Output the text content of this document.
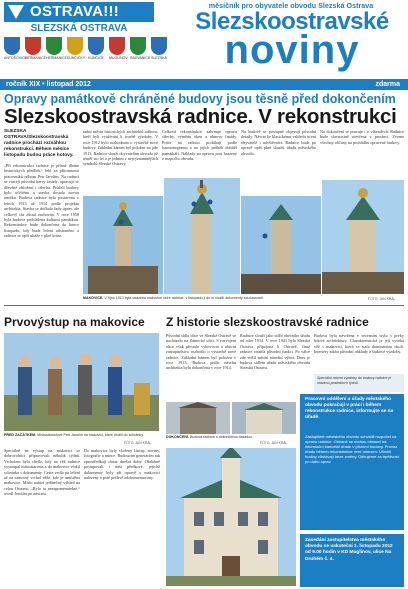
OSTRAVA!!!
SLEZSKÁ OSTRAVA
ANTOŠOVICE
HERMANICE HEŘMANICE KUNČIČKY KUNČICE MUGLINOV RADVANICE SLEZSKÁ
měsíčník pro obyvatele obvodu Slezská Ostrava
Slezskoostravské
noviny
ročník XIX • listopad 2012	zdarma
Opravy památkově chráněné budovy jsou těsně před dokončením
Slezskoostravská radnice. V rekonstrukci
SLEZSKÁ OSTRAVA/Slezskoostravská radnice prochází rozsáhlou rekonstrukcí. Během měsíce listopadu budou práce hotovy.
„Při rekonstrukci radnice je přísně dbáno historických předloh,“ řekl za přítomnosti pracovníků odboru Petr Jarolím. Na radnici se vracejí původní barvy fasády, opravuje se dřevěné obložení i střecha. Průčelí budovy bylo očištěno a stavba dostala novou omítku. Budova radnice byla postavena v letech 1913 až 1914 podle projektu architekta. Stavba se dočkala řady úprav, ale celkový ráz zůstal zachován. V roce 1958 byla budova prohlášena kulturní památkou. Rekonstrukce bude dokončena do konce listopadu, kdy bude lešení odstraněno a radnice se opět ukáže v plné kráse.
radní města historických architektů odboru, kteří byli využíváni k tvorbě výzdoby. V roce 1912 bylo rozhodnuto o výstavbě nové budovy. Základní kámen byl položen na jaře 1913. Radnice slouží obyvatelům obvodu již téměř sto let a je jedním z nejvýznamnějších symbolů Slezské Ostravy.
Celková rekonstrukce zahrnuje opravu střechy, výměnu oken a obnovu fasády. Práce na radnici probíhají podle harmonogramu a na jejich průběh dohlíží památkáři. Náklady na opravu jsou hrazeny z rozpočtu obvodu.
Na budově se postupně objevují původní detaily. Návrat ke klasickému vzhledu ocení obyvatelé i návštěvníci. Radnice bude po opravě opět plně sloužit úřadu městského obvodu.
Na dokončení se pracuje i o víkendech. Radnice bude slavnostně otevřena v prosinci. Zveme všechny občany na prohlídku opravené budovy.
MAKOVICE. V říjnu 1913 byla osazena makovice věže radnice, v listopadu ji do ní vložili dokumenty současnosti.	FOTO: JAN KRÁL
Prvovýstup na makovice
PŘED ZAČÁTKEM. Místostarostové Petr Jarolím na makovici, které vložili do schránky.
FOTO: JAN KRÁL
Speciálně na výstup na makovici se dobrovolníci připravovali několik týdnů. Vrcholem byla chvíle, kdy na věž radnice vystoupal místostarosta a do makovice vložil schránku s dokumenty. Cesta vedla po lešení až na samotný vrchol věže, kde je umístěna makovice. Místo nabízí jedinečný výhled na celou Ostravu. „Bylo to nezapomenutelné,“ uvedl Jarolím po návratu.
Do makovice byly vloženy listiny, noviny, fotografie a mince. Budoucím generacím tak zprostředkují obraz dnešní doby. Obdobně postupovali i naši předkové, jejichž dokumenty byly při opravě v makovici nalezeny a poté pečlivě zdokumentovány.
Z historie slezskoostravské radnice
Původní sídlo obce ve Slezské Ostravě se nacházelo na Zámecké ulici. S rozvojem obce však přestalo vyhovovat a obecní zastupitelstvo rozhodlo o výstavbě nové radnice. Základní kámen byl položen v roce 1913. Budova podle návrhu architekta byla dokončena v roce 1914.
Radnice slouží jako sídlo obecního úřadu od roku 1914. V roce 1941 byla Slezská Ostrava připojena k Ostravě, čímž radnice ztratila původní funkci. Po válce zde sídlil místní národní výbor. Dnes je budova sídlem úřadu městského obvodu Slezská Ostrava.
Budova byla navržena v secesním stylu s prvky lidové architektury. Charakteristická je její vysoká věž s makovicí, která se stala dominantou okolí. Interiéry zdobí původní obklady a štukové výzdoby.
Speciální návrat výzdoby do budovy radnice je otázkou posledních týdnů.
DOKONČENÍ. Budova radnice s dokončenou fasádou.
FOTO: JAN KRÁL
Pracovní oddělení a úřady městského obvodu pokračují v práci i během rekonstrukce radnice, informujte se na úřadě.
Zastupitelé městského obvodu schválili rozpočet na opravu radnice. Občané se mohou obracet na informační kancelář úřadu v přízemí budovy. Provoz úřadu během rekonstrukce není omezen. Úřední hodiny zůstávají beze změny. Děkujeme za trpělivost po dobu oprav.
Zasedání zastupitelstva městského obvodu se uskuteční 1. listopadu 2012 od 9.00 hodin v KD Muglinov, ulice Na Druhém č. 4.
